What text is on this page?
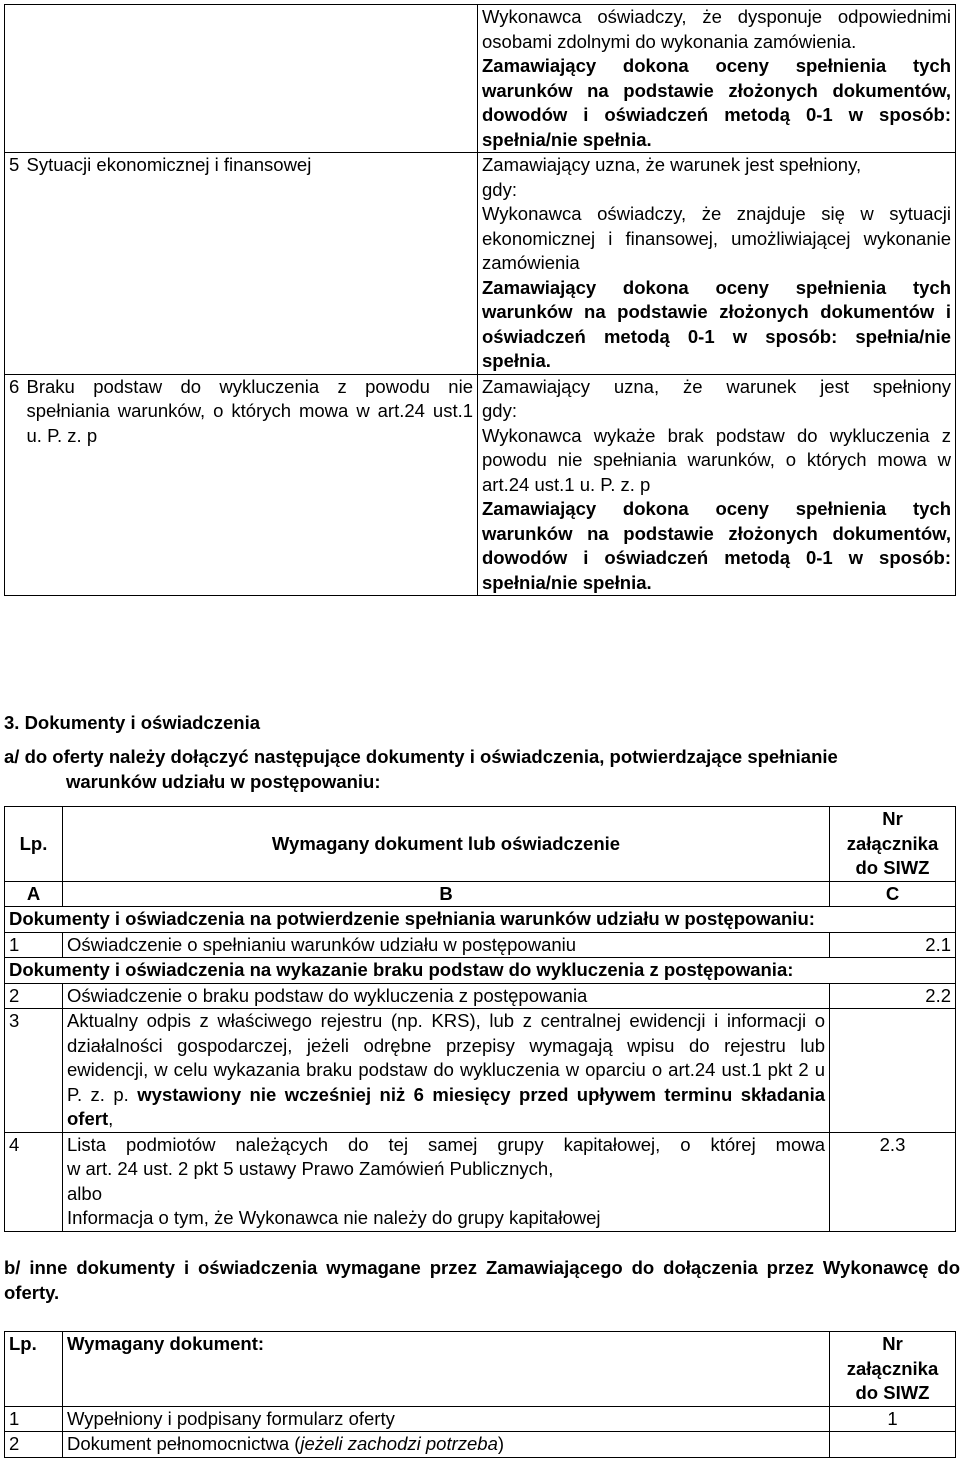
		Wykonawca oświadczy, że dysponuje odpowiednimi osobami zdolnymi do wykonania zamówienia.
Zamawiający dokona oceny spełnienia tych warunków na podstawie złożonych dokumentów, dowodów i oświadczeń metodą 0-1 w sposób: spełnia/nie spełnia.

5	Sytuacji ekonomicznej i finansowej	Zamawiający uzna, że warunek jest spełniony,
gdy:
Wykonawca oświadczy, że znajduje się w sytuacji ekonomicznej i finansowej, umożliwiającej wykonanie zamówienia
Zamawiający dokona oceny spełnienia tych warunków na podstawie złożonych dokumentów i oświadczeń metodą 0-1 w sposób: spełnia/nie spełnia.

6	Braku podstaw do wykluczenia z powodu nie spełniania warunków, o których mowa w art.24 ust.1 u. P. z. p	Zamawiający uzna, że warunek jest spełniony
gdy:
Wykonawca wykaże brak podstaw do wykluczenia z powodu nie spełniania warunków, o których mowa w art.24 ust.1 u. P. z. p
Zamawiający dokona oceny spełnienia tych warunków na podstawie złożonych dokumentów, dowodów i oświadczeń metodą 0-1 w sposób: spełnia/nie spełnia.
3. Dokumenty i oświadczenia
a/ do oferty należy dołączyć następujące dokumenty i oświadczenia, potwierdzające spełnianie
warunków udziału w postępowaniu:
Lp.	Wymagany dokument lub oświadczenie	Nr
załącznika
do SIWZ

A	B	C
Dokumenty i oświadczenia na potwierdzenie spełniania warunków udziału w postępowaniu:		
1	Oświadczenie o spełnianiu warunków udziału w postępowaniu	2.1
Dokumenty i oświadczenia na wykazanie braku podstaw do wykluczenia z postępowania:		
2	Oświadczenie o braku podstaw do wykluczenia z postępowania	2.2
3	Aktualny odpis z właściwego rejestru (np. KRS), lub z centralnej ewidencji i informacji o działalności gospodarczej, jeżeli odrębne przepisy wymagają wpisu do rejestru lub ewidencji, w celu wykazania braku podstaw do wykluczenia w oparciu o art.24 ust.1 pkt 2 u P. z. p. wystawiony nie wcześniej niż 6 miesięcy przed upływem terminu składania ofert,	
4	Lista podmiotów należących do tej samej grupy kapitałowej, o której mowa
w art. 24 ust. 2 pkt 5 ustawy Prawo Zamówień Publicznych,
albo
Informacja o tym, że Wykonawca nie należy do grupy kapitałowej	2.3
b/ inne dokumenty i oświadczenia wymagane przez Zamawiającego do dołączenia przez Wykonawcę do oferty.
Lp.	Wymagany dokument:	Nr
załącznika
do SIWZ

1	Wypełniony i podpisany formularz oferty	1
2	Dokument pełnomocnictwa (jeżeli zachodzi potrzeba)	
